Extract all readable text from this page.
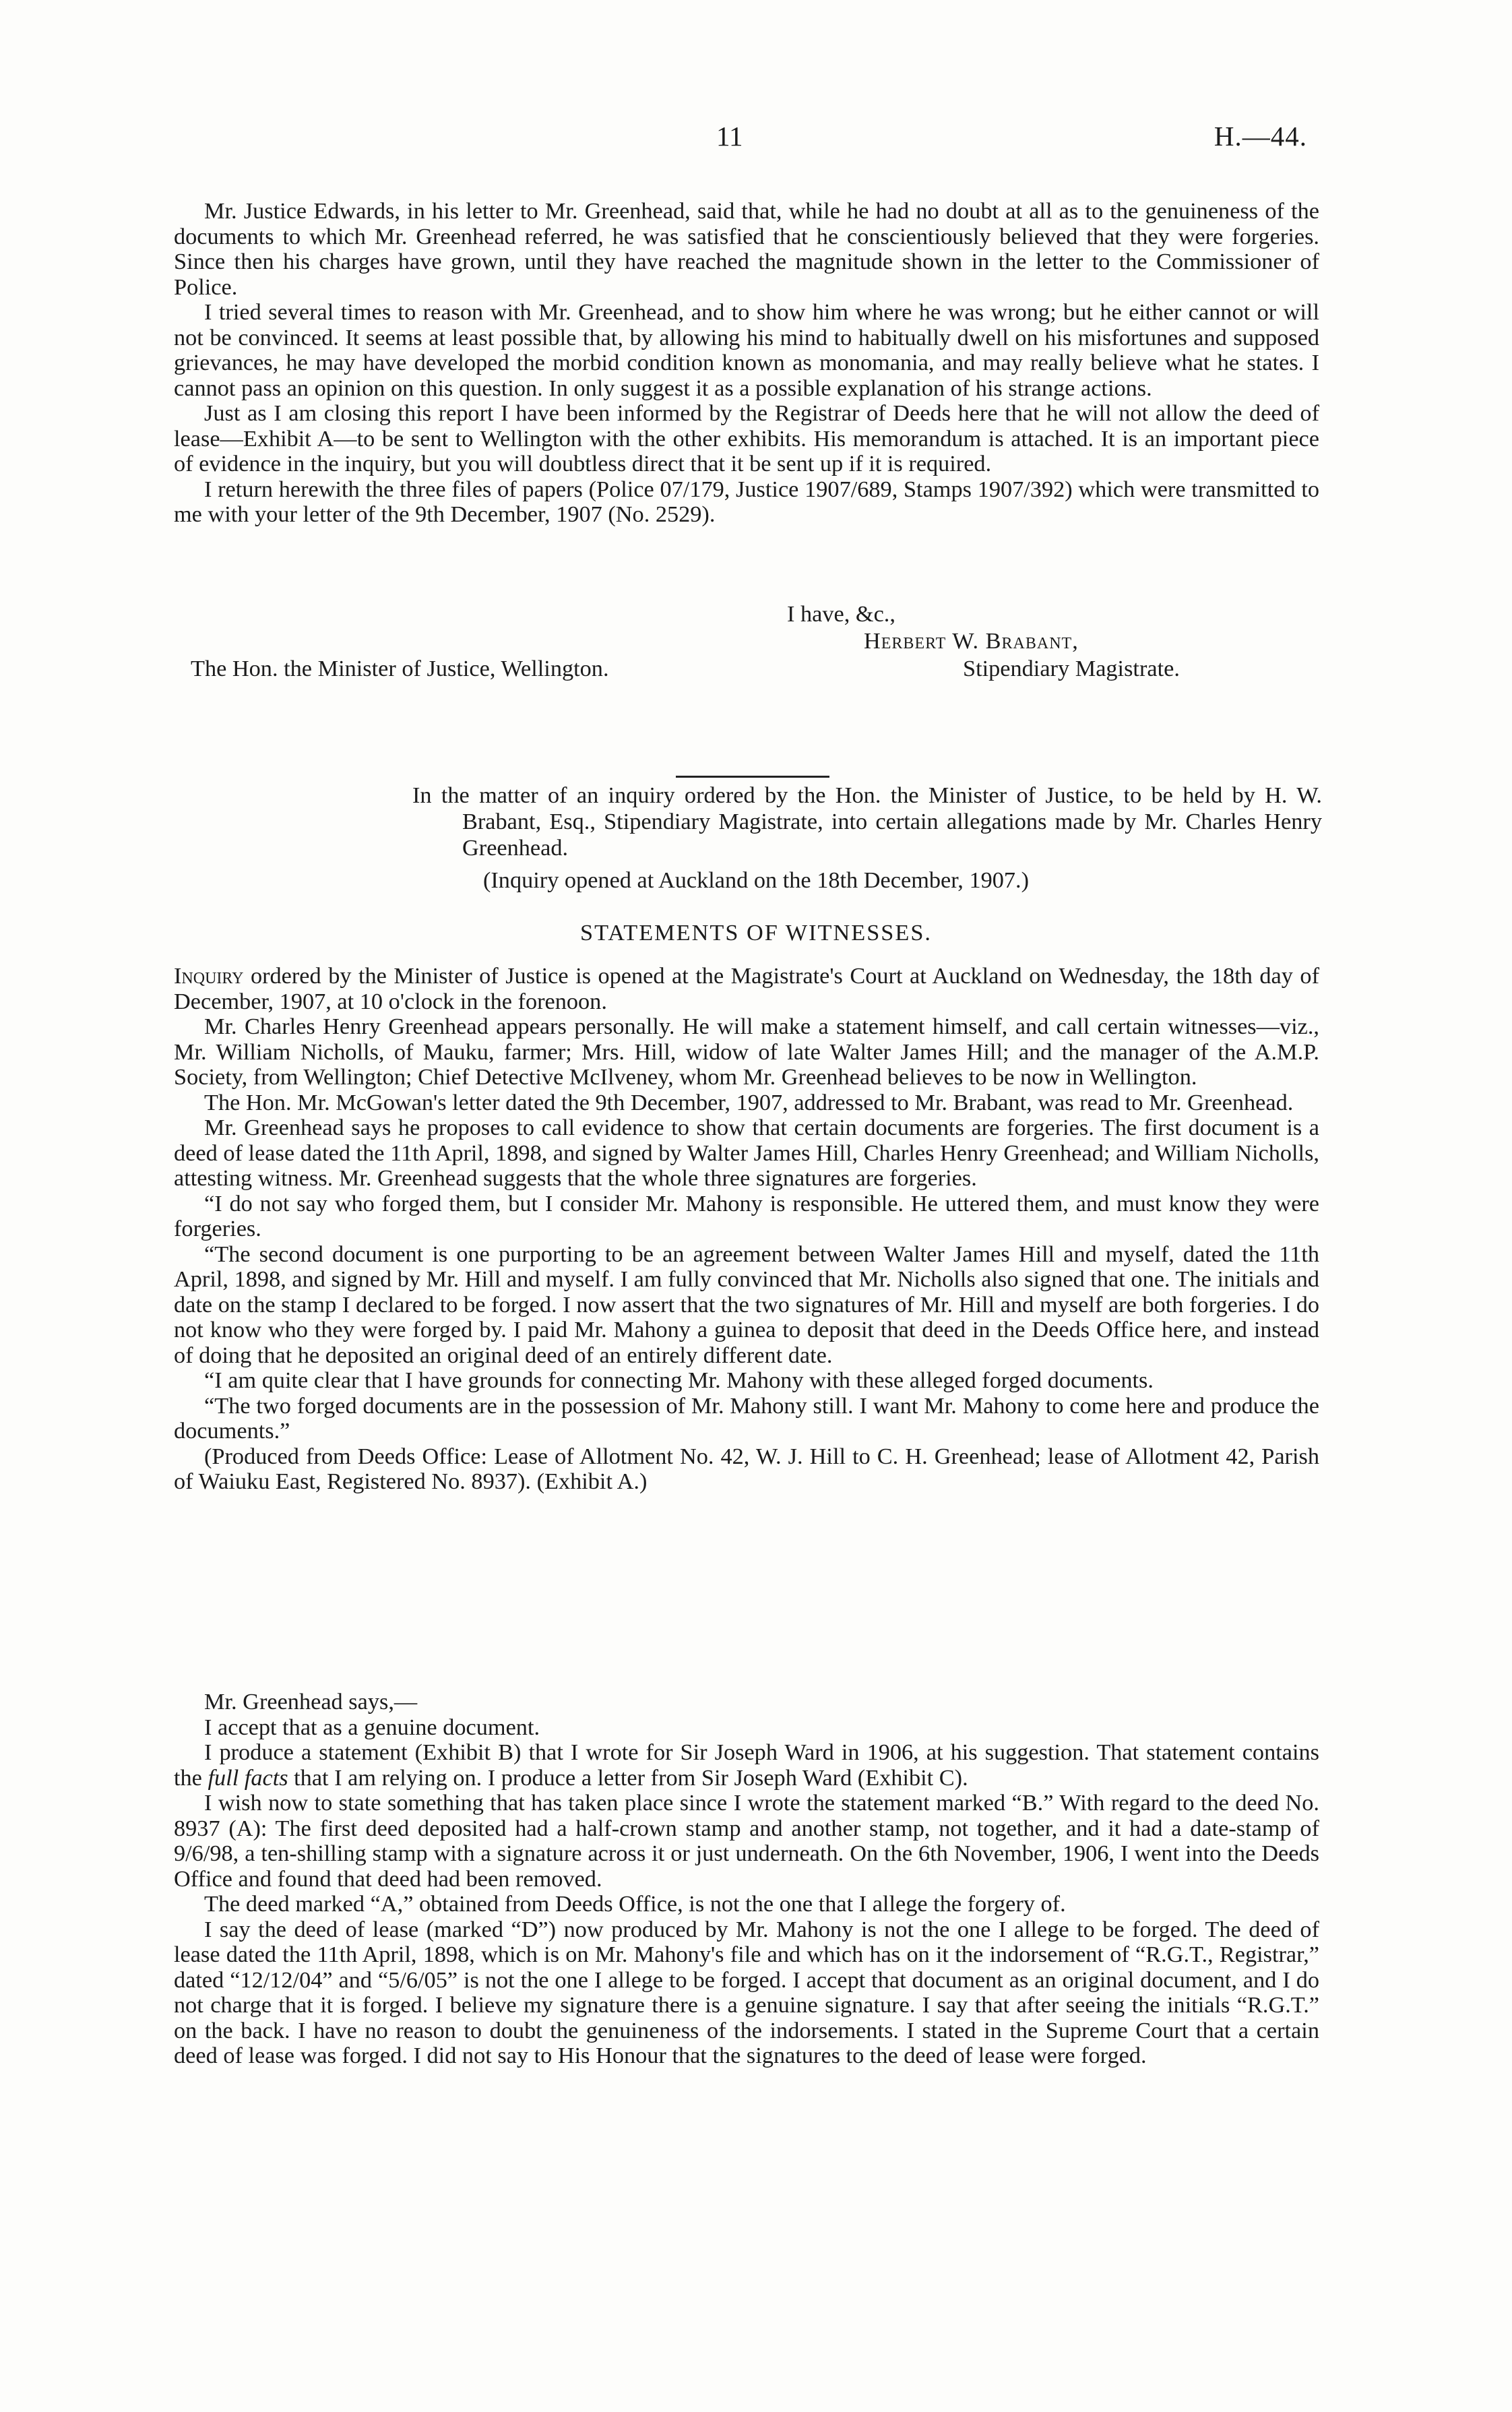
11	H.—44.

Mr. Justice Edwards, in his letter to Mr. Greenhead, said that, while he had no doubt at all as to the genuineness of the documents to which Mr. Greenhead referred, he was satisfied that he conscientiously believed that they were forgeries. Since then his charges have grown, until they have reached the magnitude shown in the letter to the Commissioner of Police.

I tried several times to reason with Mr. Greenhead, and to show him where he was wrong; but he either cannot or will not be convinced. It seems at least possible that, by allowing his mind to habitually dwell on his misfortunes and supposed grievances, he may have developed the morbid condition known as monomania, and may really believe what he states. I cannot pass an opinion on this question. In only suggest it as a possible explanation of his strange actions.

Just as I am closing this report I have been informed by the Registrar of Deeds here that he will not allow the deed of lease—Exhibit A—to be sent to Wellington with the other exhibits. His memorandum is attached. It is an important piece of evidence in the inquiry, but you will doubtless direct that it be sent up if it is required.

I return herewith the three files of papers (Police 07/179, Justice 1907/689, Stamps 1907/392) which were transmitted to me with your letter of the 9th December, 1907 (No. 2529).

I have, &c.,
Herbert W. Brabant,
The Hon. the Minister of Justice, Wellington.	Stipendiary Magistrate.

In the matter of an inquiry ordered by the Hon. the Minister of Justice, to be held by H. W. Brabant, Esq., Stipendiary Magistrate, into certain allegations made by Mr. Charles Henry Greenhead.

(Inquiry opened at Auckland on the 18th December, 1907.)
STATEMENTS OF WITNESSES.

Inquiry ordered by the Minister of Justice is opened at the Magistrate's Court at Auckland on Wednesday, the 18th day of December, 1907, at 10 o'clock in the forenoon.

Mr. Charles Henry Greenhead appears personally. He will make a statement himself, and call certain witnesses—viz., Mr. William Nicholls, of Mauku, farmer; Mrs. Hill, widow of late Walter James Hill; and the manager of the A.M.P. Society, from Wellington; Chief Detective McIlveney, whom Mr. Greenhead believes to be now in Wellington.

The Hon. Mr. McGowan's letter dated the 9th December, 1907, addressed to Mr. Brabant, was read to Mr. Greenhead.

Mr. Greenhead says he proposes to call evidence to show that certain documents are forgeries. The first document is a deed of lease dated the 11th April, 1898, and signed by Walter James Hill, Charles Henry Greenhead; and William Nicholls, attesting witness. Mr. Greenhead suggests that the whole three signatures are forgeries.

“I do not say who forged them, but I consider Mr. Mahony is responsible. He uttered them, and must know they were forgeries.

“The second document is one purporting to be an agreement between Walter James Hill and myself, dated the 11th April, 1898, and signed by Mr. Hill and myself. I am fully convinced that Mr. Nicholls also signed that one. The initials and date on the stamp I declared to be forged. I now assert that the two signatures of Mr. Hill and myself are both forgeries. I do not know who they were forged by. I paid Mr. Mahony a guinea to deposit that deed in the Deeds Office here, and instead of doing that he deposited an original deed of an entirely different date.

“I am quite clear that I have grounds for connecting Mr. Mahony with these alleged forged documents.

“The two forged documents are in the possession of Mr. Mahony still. I want Mr. Mahony to come here and produce the documents.”

(Produced from Deeds Office: Lease of Allotment No. 42, W. J. Hill to C. H. Greenhead; lease of Allotment 42, Parish of Waiuku East, Registered No. 8937). (Exhibit A.)

Mr. Greenhead says,—

I accept that as a genuine document.

I produce a statement (Exhibit B) that I wrote for Sir Joseph Ward in 1906, at his suggestion. That statement contains the full facts that I am relying on. I produce a letter from Sir Joseph Ward (Exhibit C).

I wish now to state something that has taken place since I wrote the statement marked “B.” With regard to the deed No. 8937 (A): The first deed deposited had a half-crown stamp and another stamp, not together, and it had a date-stamp of 9/6/98, a ten-shilling stamp with a signature across it or just underneath. On the 6th November, 1906, I went into the Deeds Office and found that deed had been removed.

The deed marked “A,” obtained from Deeds Office, is not the one that I allege the forgery of.

I say the deed of lease (marked “D”) now produced by Mr. Mahony is not the one I allege to be forged. The deed of lease dated the 11th April, 1898, which is on Mr. Mahony's file and which has on it the indorsement of “R.G.T., Registrar,” dated “12/12/04” and “5/6/05” is not the one I allege to be forged. I accept that document as an original document, and I do not charge that it is forged. I believe my signature there is a genuine signature. I say that after seeing the initials “R.G.T.” on the back. I have no reason to doubt the genuineness of the indorsements. I stated in the Supreme Court that a certain deed of lease was forged. I did not say to His Honour that the signatures to the deed of lease were forged.
